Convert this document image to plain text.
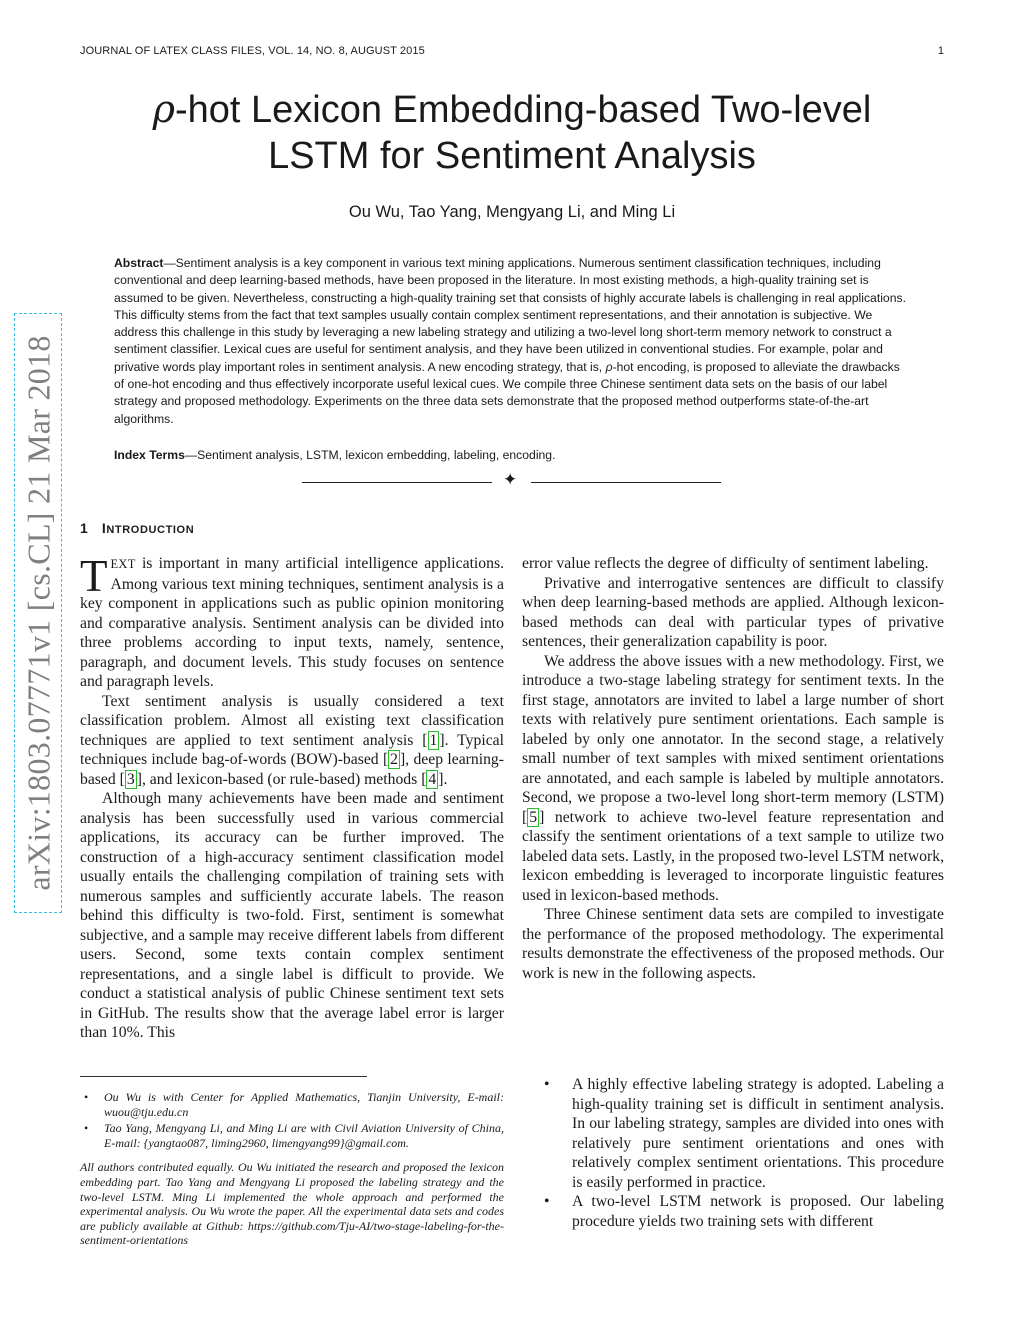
JOURNAL OF LATEX CLASS FILES, VOL. 14, NO. 8, AUGUST 2015	1
arXiv:1803.07771v1 [cs.CL] 21 Mar 2018
ρ-hot Lexicon Embedding-based Two-level
LSTM for Sentiment Analysis
Ou Wu, Tao Yang, Mengyang Li, and Ming Li

Abstract—Sentiment analysis is a key component in various text mining applications. Numerous sentiment classification techniques, including conventional and deep learning-based methods, have been proposed in the literature. In most existing methods, a high-quality training set is assumed to be given. Nevertheless, constructing a high-quality training set that consists of highly accurate labels is challenging in real applications. This difficulty stems from the fact that text samples usually contain complex sentiment representations, and their annotation is subjective. We address this challenge in this study by leveraging a new labeling strategy and utilizing a two-level long short-term memory network to construct a sentiment classifier. Lexical cues are useful for sentiment analysis, and they have been utilized in conventional studies. For example, polar and privative words play important roles in sentiment analysis. A new encoding strategy, that is, ρ-hot encoding, is proposed to alleviate the drawbacks of one-hot encoding and thus effectively incorporate useful lexical cues. We compile three Chinese sentiment data sets on the basis of our label strategy and proposed methodology. Experiments on the three data sets demonstrate that the proposed method outperforms state-of-the-art algorithms.

Index Terms—Sentiment analysis, LSTM, lexicon embedding, labeling, encoding.

✦
1 INTRODUCTION

TEXT is important in many artificial intelligence applications. Among various text mining techniques, sentiment analysis is a key component in applications such as public opinion monitoring and comparative analysis. Sentiment analysis can be divided into three problems according to input texts, namely, sentence, paragraph, and document levels. This study focuses on sentence and paragraph levels.

Text sentiment analysis is usually considered a text classification problem. Almost all existing text classification techniques are applied to text sentiment analysis [ 1 ]. Typical techniques include bag-of-words (BOW)-based [ 2 ], deep learning-based [ 3 ], and lexicon-based (or rule-based) methods [ 4 ].

Although many achievements have been made and sentiment analysis has been successfully used in various commercial applications, its accuracy can be further improved. The construction of a high-accuracy sentiment classification model usually entails the challenging compilation of training sets with numerous samples and sufficiently accurate labels. The reason behind this difficulty is two-fold. First, sentiment is somewhat subjective, and a sample may receive different labels from different users. Second, some texts contain complex sentiment representations, and a single label is difficult to provide. We conduct a statistical analysis of public Chinese sentiment text sets in GitHub. The results show that the average label error is larger than 10%. This

error value reflects the degree of difficulty of sentiment labeling.

Privative and interrogative sentences are difficult to classify when deep learning-based methods are applied. Although lexicon-based methods can deal with particular types of privative sentences, their generalization capability is poor.

We address the above issues with a new methodology. First, we introduce a two-stage labeling strategy for sentiment texts. In the first stage, annotators are invited to label a large number of short texts with relatively pure sentiment orientations. Each sample is labeled by only one annotator. In the second stage, a relatively small number of text samples with mixed sentiment orientations are annotated, and each sample is labeled by multiple annotators. Second, we propose a two-level long short-term memory (LSTM) [ 5 ] network to achieve two-level feature representation and classify the sentiment orientations of a text sample to utilize two labeled data sets. Lastly, in the proposed two-level LSTM network, lexicon embedding is leveraged to incorporate linguistic features used in lexicon-based methods.

Three Chinese sentiment data sets are compiled to investigate the performance of the proposed methodology. The experimental results demonstrate the effectiveness of the proposed methods. Our work is new in the following aspects.

• A highly effective labeling strategy is adopted. Labeling a high-quality training set is difficult in sentiment analysis. In our labeling strategy, samples are divided into ones with relatively pure sentiment orientations and ones with relatively complex sentiment orientations. This procedure is easily performed in practice.
• A two-level LSTM network is proposed. Our labeling procedure yields two training sets with different
• Ou Wu is with Center for Applied Mathematics, Tianjin University, E-mail: wuou@tju.edu.cn
• Tao Yang, Mengyang Li, and Ming Li are with Civil Aviation University of China, E-mail: {yangtao087, liming2960, limengyang99}@gmail.com.
All authors contributed equally. Ou Wu initiated the research and proposed the lexicon embedding part. Tao Yang and Mengyang Li proposed the labeling strategy and the two-level LSTM. Ming Li implemented the whole approach and performed the experimental analysis. Ou Wu wrote the paper. All the experimental data sets and codes are publicly available at Github: https://github.com/Tju-AI/two-stage-labeling-for-the-sentiment-orientations
